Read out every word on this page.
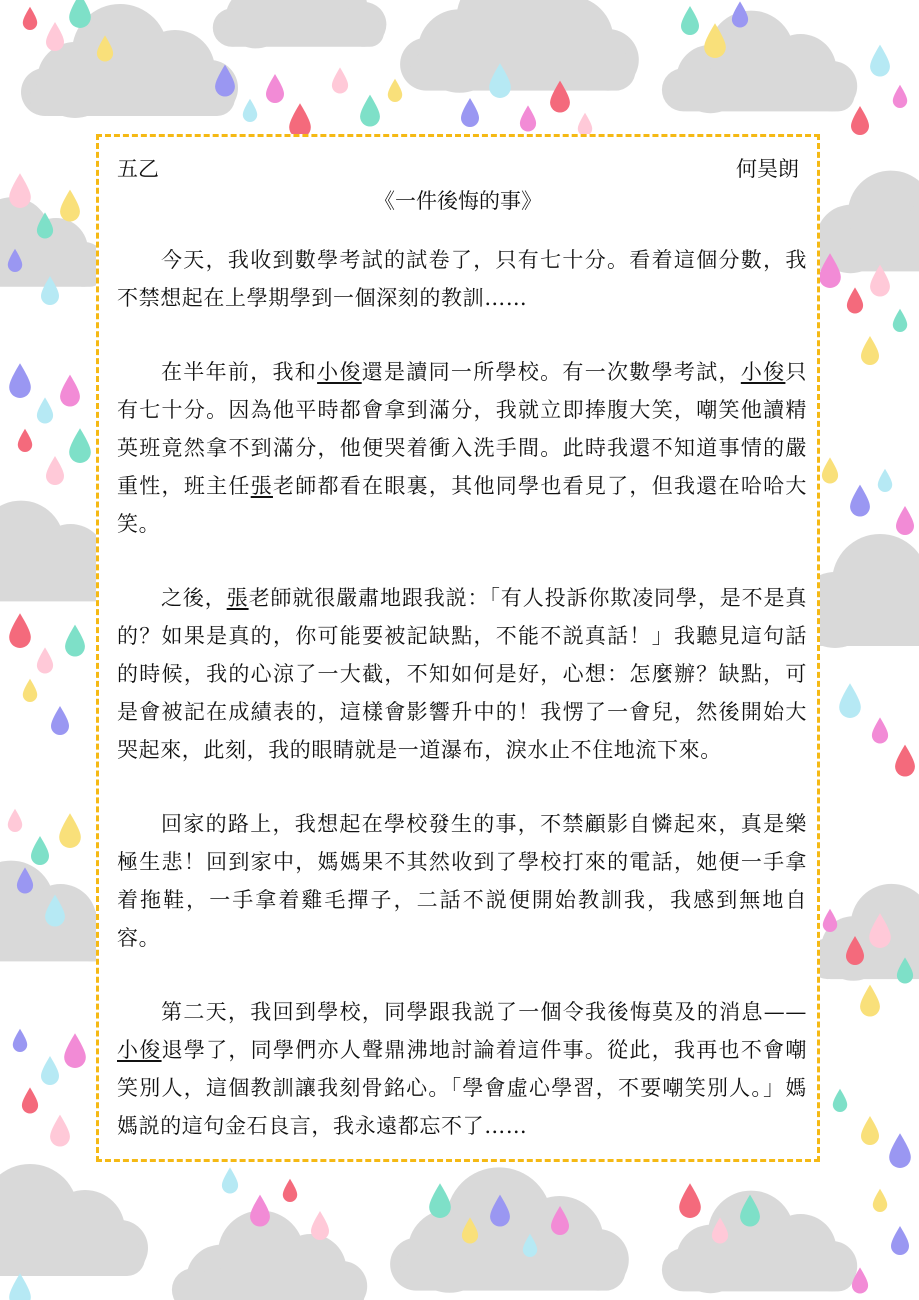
五乙	何昊朗
《一件後悔的事》

今天，我收到數學考試的試卷了，只有七十分。看着這個分數，我不禁想起在上學期學到一個深刻的教訓……

在半年前，我和小俊還是讀同一所學校。有一次數學考試，小俊只有七十分。因為他平時都會拿到滿分，我就立即捧腹大笑，嘲笑他讀精英班竟然拿不到滿分，他便哭着衝入洗手間。此時我還不知道事情的嚴重性，班主任張老師都看在眼裏，其他同學也看見了，但我還在哈哈大笑。

之後，張老師就很嚴肅地跟我説：「有人投訴你欺凌同學，是不是真的？如果是真的，你可能要被記缺點，不能不説真話！」我聽見這句話的時候，我的心涼了一大截，不知如何是好，心想：怎麼辦？缺點，可是會被記在成績表的，這樣會影響升中的！我愣了一會兒，然後開始大哭起來，此刻，我的眼睛就是一道瀑布，淚水止不住地流下來。

回家的路上，我想起在學校發生的事，不禁顧影自憐起來，真是樂極生悲！回到家中，媽媽果不其然收到了學校打來的電話，她便一手拿着拖鞋，一手拿着雞毛撣子，二話不説便開始教訓我，我感到無地自容。

第二天，我回到學校，同學跟我説了一個令我後悔莫及的消息——小俊退學了，同學們亦人聲鼎沸地討論着這件事。從此，我再也不會嘲笑別人，這個教訓讓我刻骨銘心。「學會虛心學習，不要嘲笑別人。」媽媽説的這句金石良言，我永遠都忘不了……
